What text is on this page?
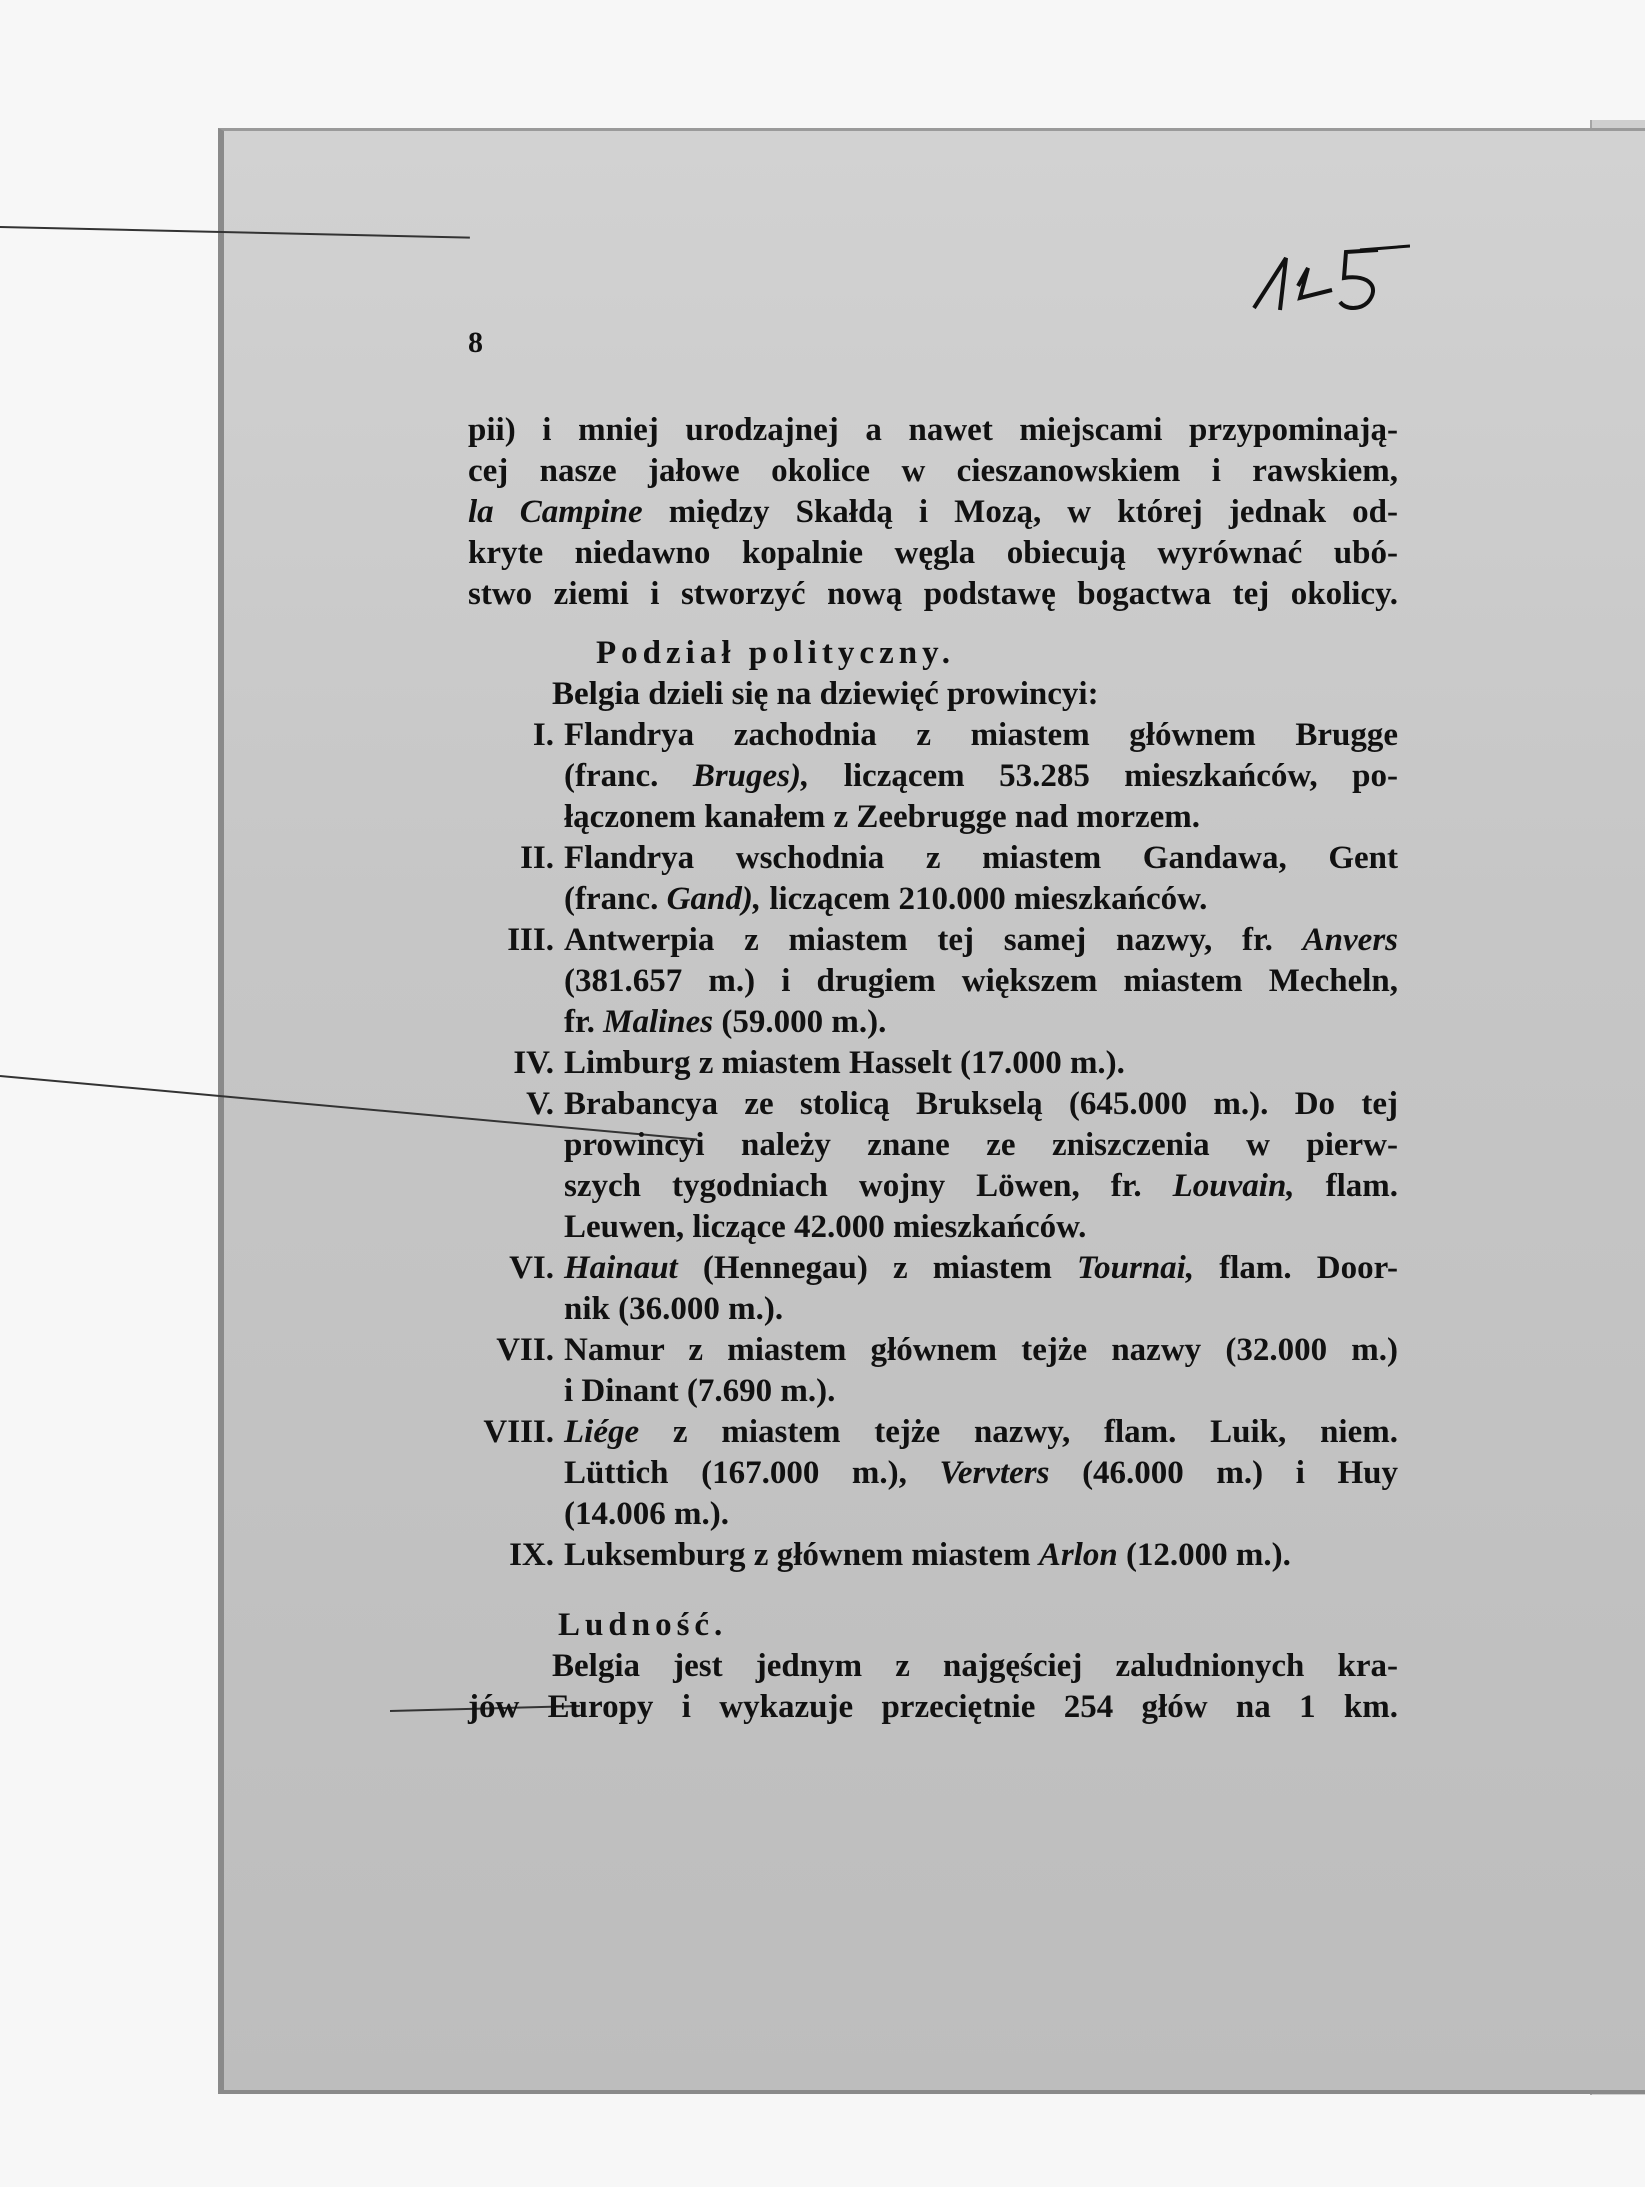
8
pii) i mniej urodzajnej a nawet miejscami przypominają-
cej nasze jałowe okolice w cieszanowskiem i rawskiem,
la Campine między Skałdą i Mozą, w której jednak od-
kryte niedawno kopalnie węgla obiecują wyrównać ubó-
stwo ziemi i stworzyć nową podstawę bogactwa tej okolicy.

Podział polityczny.

Belgia dzieli się na dziewięć prowincyi:

I. Flandrya zachodnia z miastem głównem Brugge
(franc. Bruges), liczącem 53.285 mieszkańców, po-
łączonem kanałem z Zeebrugge nad morzem.
II. Flandrya wschodnia z miastem Gandawa, Gent
(franc. Gand), liczącem 210.000 mieszkańców.
III. Antwerpia z miastem tej samej nazwy, fr. Anvers
(381.657 m.) i drugiem większem miastem Mecheln,
fr. Malines (59.000 m.).
IV. Limburg z miastem Hasselt (17.000 m.).
V. Brabancya ze stolicą Brukselą (645.000 m.). Do tej
prowincyi należy znane ze zniszczenia w pierw-
szych tygodniach wojny Löwen, fr. Louvain, flam.
Leuwen, liczące 42.000 mieszkańców.
VI. Hainaut (Hennegau) z miastem Tournai, flam. Door-
nik (36.000 m.).
VII. Namur z miastem głównem tejże nazwy (32.000 m.)
i Dinant (7.690 m.).
VIII. Liége z miastem tejże nazwy, flam. Luik, niem.
Lüttich (167.000 m.), Vervters (46.000 m.) i Huy
(14.006 m.).
IX. Luksemburg z głównem miastem Arlon (12.000 m.).

Ludność.

Belgia jest jednym z najgęściej zaludnionych kra-
jów Europy i wykazuje przeciętnie 254 głów na 1 km.
